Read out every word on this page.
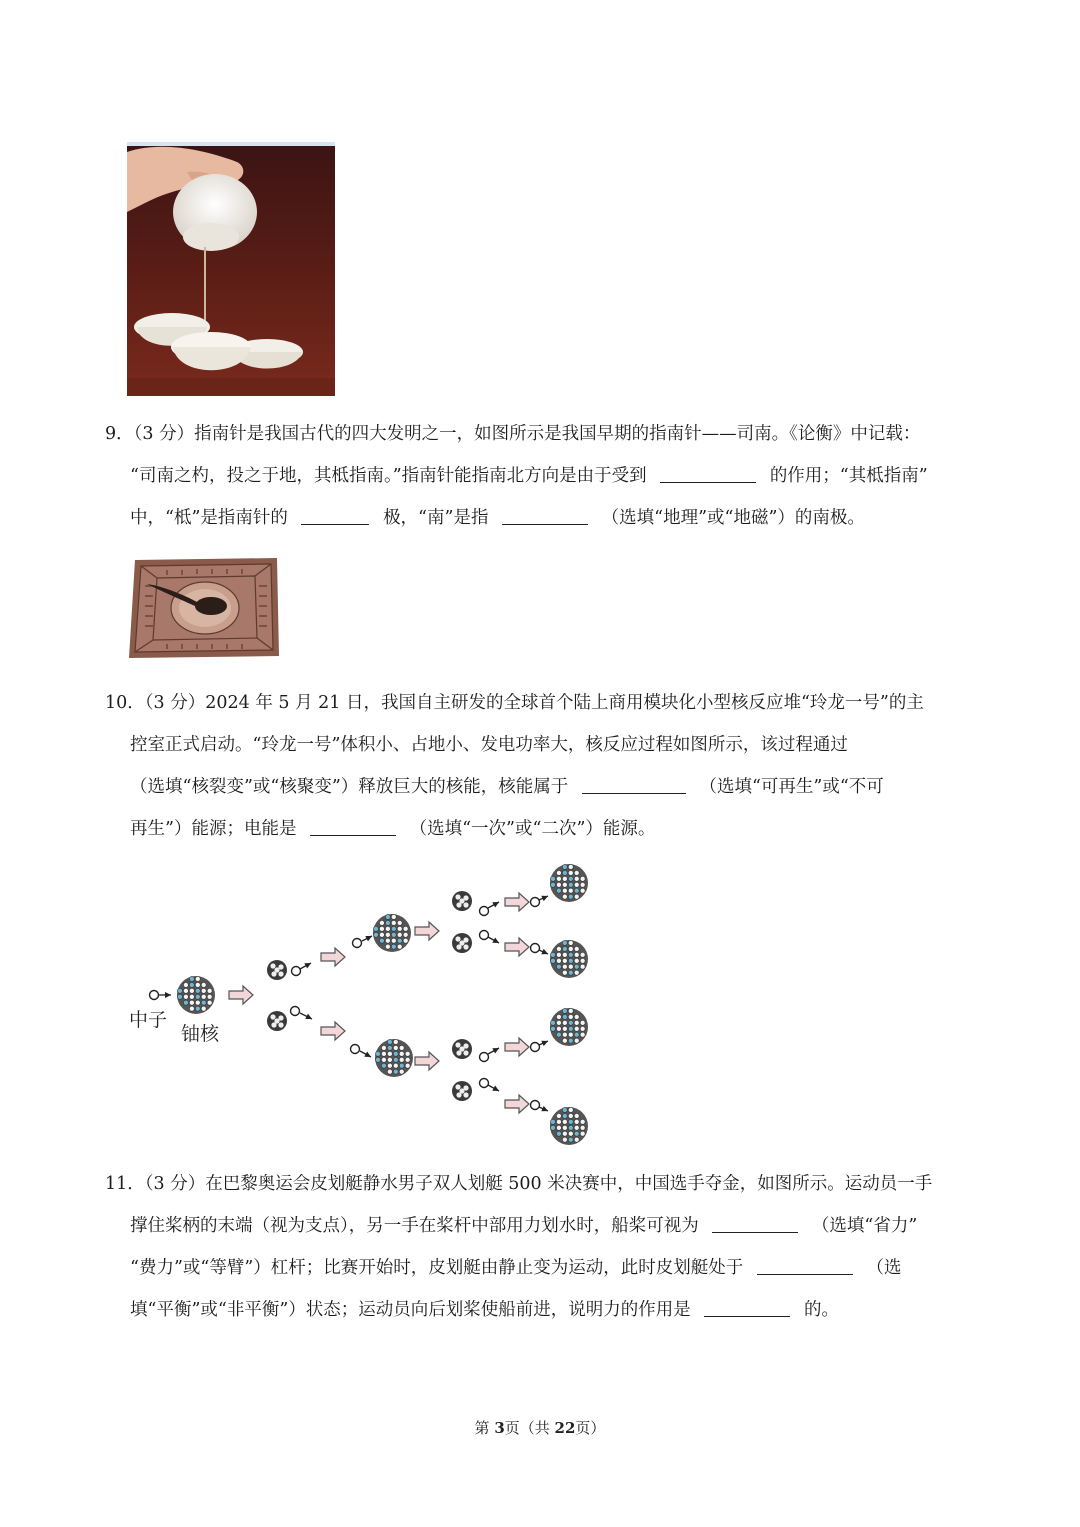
9．（3 分）指南针是我国古代的四大发明之一，如图所示是我国早期的指南针——司南。《论衡》中记载：
“司南之杓，投之于地，其柢指南。”指南针能指南北方向是由于受到	的作用；“其柢指南”
中，“柢”是指南针的	极，“南”是指	（选填“地理”或“地磁”）的南极。
10．（3 分）2024 年 5 月 21 日，我国自主研发的全球首个陆上商用模块化小型核反应堆“玲龙一号”的主
控室正式启动。“玲龙一号”体积小、占地小、发电功率大，核反应过程如图所示，该过程通过
（选填“核裂变”或“核聚变”）释放巨大的核能，核能属于	（选填“可再生”或“不可
再生”）能源；电能是	（选填“一次”或“二次”）能源。
中子
铀核
11．（3 分）在巴黎奥运会皮划艇静水男子双人划艇 500 米决赛中，中国选手夺金，如图所示。运动员一手
撑住桨柄的末端（视为支点），另一手在桨杆中部用力划水时，船桨可视为	（选填“省力”
“费力”或“等臂”）杠杆；比赛开始时，皮划艇由静止变为运动，此时皮划艇处于	（选
填“平衡”或“非平衡”）状态；运动员向后划桨使船前进，说明力的作用是	的。
第 3页（共 22页）
